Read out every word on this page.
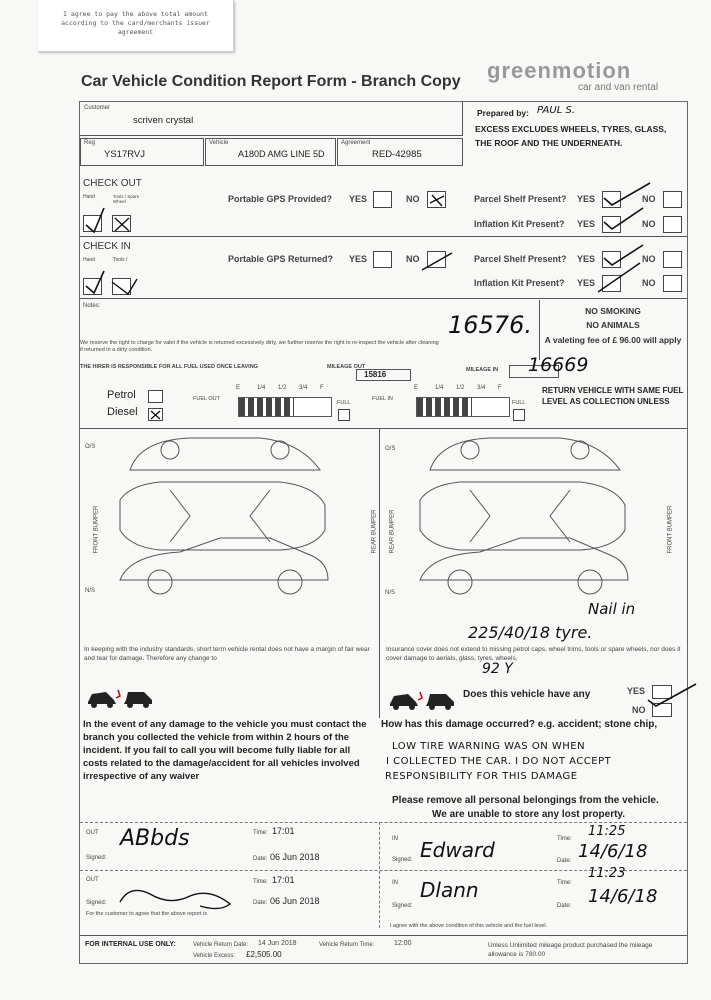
I agree to pay the above total amount
according to the card/merchants issuer
agreement
Car Vehicle Condition Report Form - Branch Copy greenmotion
car and van rental
Customer
scriven crystal
Prepared by: PAUL S.
EXCESS EXCLUDES WHEELS, TYRES, GLASS, THE ROOF AND THE UNDERNEATH.
Reg
YS17RVJ
Vehicle
A180D AMG LINE 5D
Agreement
RED-42985
CHECK OUT
Hand	Tools / Spare Wheel	Portable GPS Provided? YES	NO	Parcel Shelf Present? YES	NO
Inflation Kit Present? YES	NO
CHECK IN
Hand	Tools /	Portable GPS Returned? YES	NO	Parcel Shelf Present? YES	NO
Inflation Kit Present? YES	NO
Notes:
16576.	NO SMOKING
NO ANIMALS
A valeting fee of £ 96.00 will apply
We reserve the right to charge for valet if the vehicle is returned excessively dirty, we further reserve the right to re-inspect the vehicle after cleaning if returned in a dirty condition.
THE HIRER IS RESPONSIBLE FOR ALL FUEL USED ONCE LEAVING	MILEAGE OUT
15816	MILEAGE IN 16669
RETURN VEHICLE WITH SAME FUEL LEVEL AS COLLECTION UNLESS
Petrol
Diesel
FUEL OUT	FUEL IN
E	1/4 1/2 3/4 F	E	1/4 1/2 3/4 F
FULL	FULL
O/S	O/S
N/S	N/S
FRONT BUMPER	REAR BUMPER REAR BUMPER	FRONT BUMPER
Nail in
225/40/18 tyre.
92 Y
In keeping with the industry standards, short term vehicle rental does not have a margin of fair wear and tear for damage. Therefore any change to
Insurance cover does not extend to missing petrol caps, wheel trims, tools or spare wheels, nor does it cover damage to aerials, glass, tyres, wheels,
Does this vehicle have any	YES
NO
In the event of any damage to the vehicle you must contact the branch you collected the vehicle from within 2 hours of the incident. If you fail to call you will become fully liable for all costs related to the damage/accident for all vehicles involved irrespective of any waiver
How has this damage occurred? e.g. accident; stone chip,
LOW TIRE WARNING WAS ON WHEN
I COLLECTED THE CAR. I DO NOT ACCEPT
RESPONSIBILITY FOR THIS DAMAGE
Please remove all personal belongings from the vehicle.
We are unable to store any lost property.
OUT
Signed:
ABbds	Time: 17:01
Date: 06 Jun 2018
IN
Signed: Edward	Time: 11:25
Date: 14/6/18
OUT
Signed:
For the customer to agree that the above report is
Time: 17:01
Date: 06 Jun 2018
IN
Signed:
Dlann
I agree with the above condition of this vehicle and the fuel level.
Time:
11:23
Date: 14/6/18
FOR INTERNAL USE ONLY:	Vehicle Return Date: 14 Jun 2018	Vehicle Return Time:	12:00
Vehicle Excess: £2,505.00
Unless Unlimited mileage product purchased the mileage allowance is 780.00
